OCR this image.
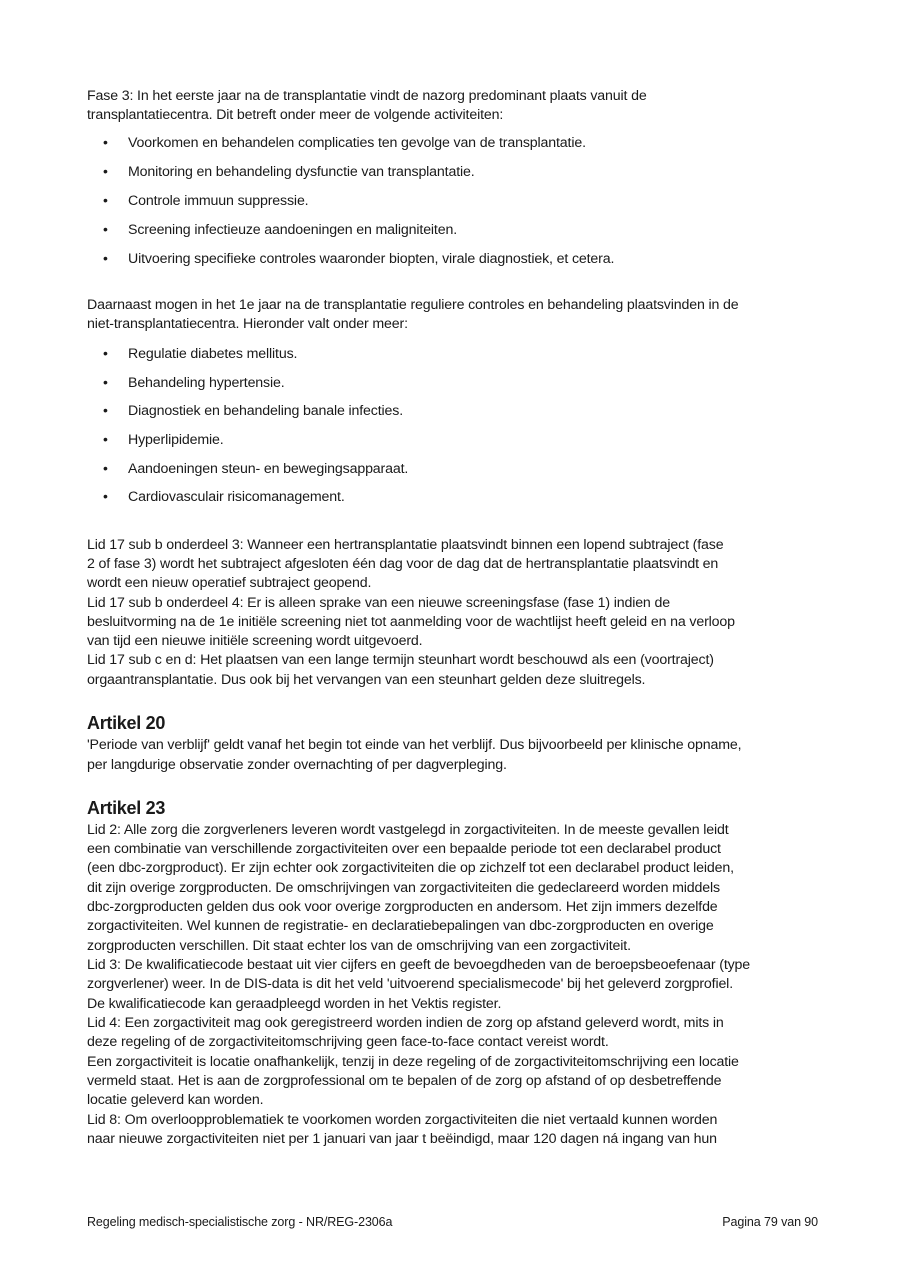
Fase 3: In het eerste jaar na de transplantatie vindt de nazorg predominant plaats vanuit de
transplantatiecentra. Dit betreft onder meer de volgende activiteiten:
• Voorkomen en behandelen complicaties ten gevolge van de transplantatie.
• Monitoring en behandeling dysfunctie van transplantatie.
• Controle immuun suppressie.
• Screening infectieuze aandoeningen en maligniteiten.
• Uitvoering specifieke controles waaronder biopten, virale diagnostiek, et cetera.
Daarnaast mogen in het 1e jaar na de transplantatie reguliere controles en behandeling plaatsvinden in de
niet-transplantatiecentra. Hieronder valt onder meer:
• Regulatie diabetes mellitus.
• Behandeling hypertensie.
• Diagnostiek en behandeling banale infecties.
• Hyperlipidemie.
• Aandoeningen steun- en bewegingsapparaat.
• Cardiovasculair risicomanagement.
Lid 17 sub b onderdeel 3: Wanneer een hertransplantatie plaatsvindt binnen een lopend subtraject (fase
2 of fase 3) wordt het subtraject afgesloten één dag voor de dag dat de hertransplantatie plaatsvindt en
wordt een nieuw operatief subtraject geopend.
Lid 17 sub b onderdeel 4: Er is alleen sprake van een nieuwe screeningsfase (fase 1) indien de
besluitvorming na de 1e initiële screening niet tot aanmelding voor de wachtlijst heeft geleid en na verloop
van tijd een nieuwe initiële screening wordt uitgevoerd.
Lid 17 sub c en d: Het plaatsen van een lange termijn steunhart wordt beschouwd als een (voortraject)
orgaantransplantatie. Dus ook bij het vervangen van een steunhart gelden deze sluitregels.
Artikel 20
'Periode van verblijf' geldt vanaf het begin tot einde van het verblijf. Dus bijvoorbeeld per klinische opname,
per langdurige observatie zonder overnachting of per dagverpleging.
Artikel 23
Lid 2: Alle zorg die zorgverleners leveren wordt vastgelegd in zorgactiviteiten. In de meeste gevallen leidt
een combinatie van verschillende zorgactiviteiten over een bepaalde periode tot een declarabel product
(een dbc-zorgproduct). Er zijn echter ook zorgactiviteiten die op zichzelf tot een declarabel product leiden,
dit zijn overige zorgproducten. De omschrijvingen van zorgactiviteiten die gedeclareerd worden middels
dbc-zorgproducten gelden dus ook voor overige zorgproducten en andersom. Het zijn immers dezelfde
zorgactiviteiten. Wel kunnen de registratie- en declaratiebepalingen van dbc-zorgproducten en overige
zorgproducten verschillen. Dit staat echter los van de omschrijving van een zorgactiviteit.
Lid 3: De kwalificatiecode bestaat uit vier cijfers en geeft de bevoegdheden van de beroepsbeoefenaar (type
zorgverlener) weer. In de DIS-data is dit het veld 'uitvoerend specialismecode' bij het geleverd zorgprofiel.
De kwalificatiecode kan geraadpleegd worden in het Vektis register.
Lid 4: Een zorgactiviteit mag ook geregistreerd worden indien de zorg op afstand geleverd wordt, mits in
deze regeling of de zorgactiviteitomschrijving geen face-to-face contact vereist wordt.
Een zorgactiviteit is locatie onafhankelijk, tenzij in deze regeling of de zorgactiviteitomschrijving een locatie
vermeld staat. Het is aan de zorgprofessional om te bepalen of de zorg op afstand of op desbetreffende
locatie geleverd kan worden.
Lid 8: Om overloopproblematiek te voorkomen worden zorgactiviteiten die niet vertaald kunnen worden
naar nieuwe zorgactiviteiten niet per 1 januari van jaar t beëindigd, maar 120 dagen ná ingang van hun
Regeling medisch-specialistische zorg - NR/REG-2306a	Pagina 79 van 90
